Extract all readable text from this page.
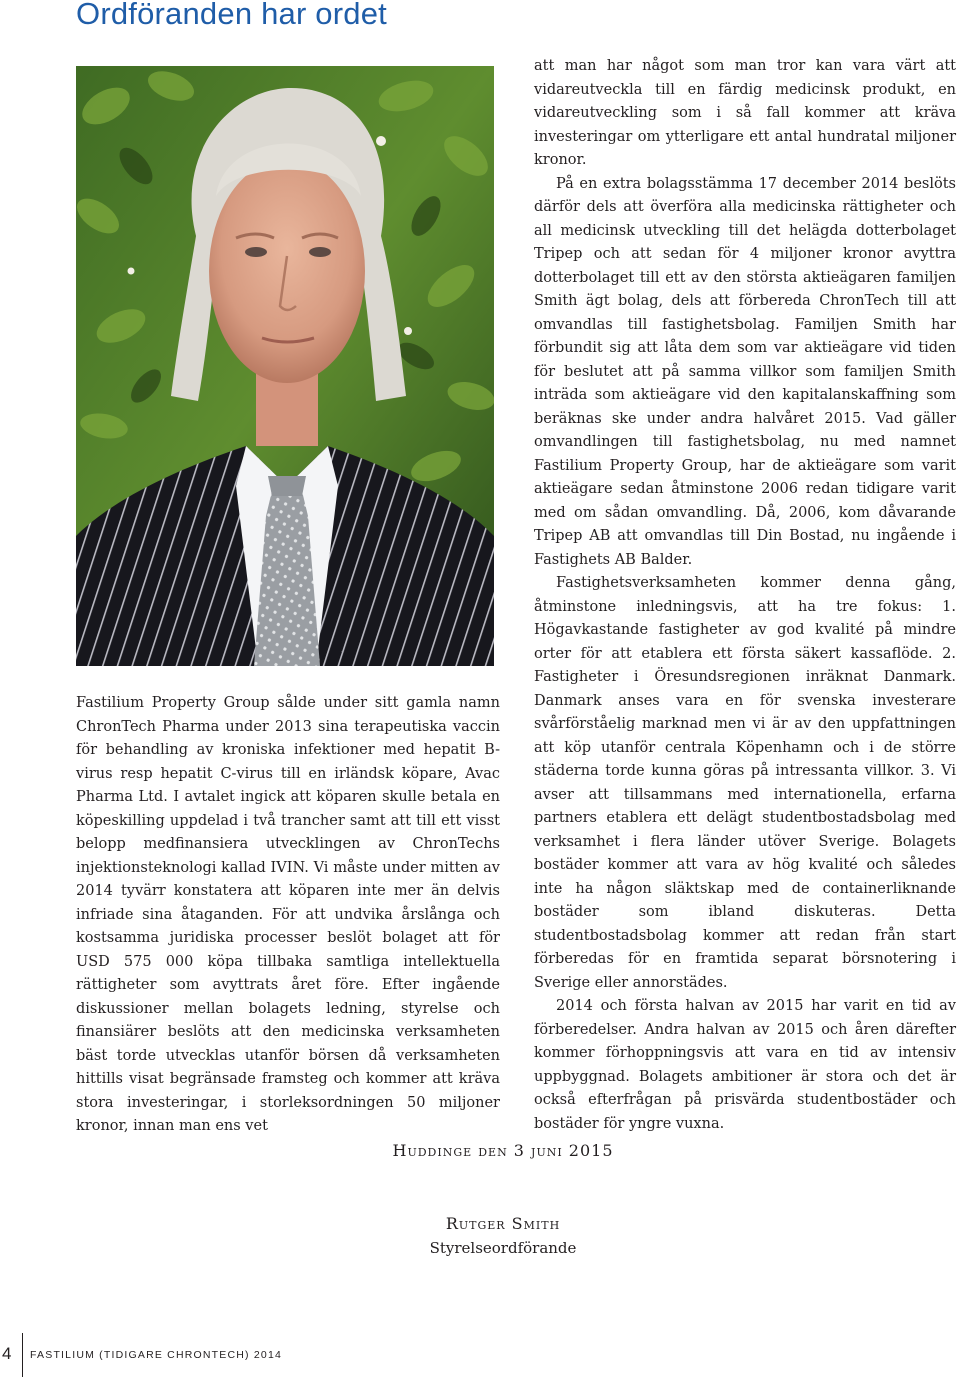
Ordföranden har ordet

Fastilium Property Group sålde under sitt gamla namn ChronTech Pharma under 2013 sina terapeutiska vaccin för behandling av kroniska infektioner med hepatit B-virus resp hepatit C-virus till en irländsk köpare, Avac Pharma Ltd. I avtalet ingick att köparen skulle betala en köpeskilling uppdelad i två trancher samt att till ett visst belopp medfinansiera utvecklingen av ChronTechs injektionsteknologi kallad IVIN. Vi måste under mitten av 2014 tyvärr konstatera att köparen inte mer än delvis infriade sina åtaganden. För att undvika årslånga och kostsamma juridiska processer beslöt bolaget att för USD 575 000 köpa tillbaka samtliga intellektuella rättigheter som avyttrats året före. Efter ingående diskussioner mellan bolagets ledning, styrelse och finansiärer beslöts att den medicinska verksamheten bäst torde utvecklas utanför börsen då verksamheten hittills visat begränsade framsteg och kommer att kräva stora investeringar, i storleksordningen 50 miljoner kronor, innan man ens vet

att man har något som man tror kan vara värt att vidareutveckla till en färdig medicinsk produkt, en vidareutveckling som i så fall kommer att kräva investeringar om ytterligare ett antal hundratal miljoner kronor.

På en extra bolagsstämma 17 december 2014 beslöts därför dels att överföra alla medicinska rättigheter och all medicinsk utveckling till det helägda dotterbolaget Tripep och att sedan för 4 miljoner kronor avyttra dotterbolaget till ett av den största aktieägaren familjen Smith ägt bolag, dels att förbereda ChronTech till att omvandlas till fastighetsbolag. Familjen Smith har förbundit sig att låta dem som var aktieägare vid tiden för beslutet att på samma villkor som familjen Smith inträda som aktieägare vid den kapitalanskaffning som beräknas ske under andra halvåret 2015. Vad gäller omvandlingen till fastighetsbolag, nu med namnet Fastilium Property Group, har de aktieägare som varit aktieägare sedan åtminstone 2006 redan tidigare varit med om sådan omvandling. Då, 2006, kom dåvarande Tripep AB att omvandlas till Din Bostad, nu ingående i Fastighets AB Balder.

Fastighetsverksamheten kommer denna gång, åtminstone inledningsvis, att ha tre fokus: 1. Högavkastande fastigheter av god kvalité på mindre orter för att etablera ett första säkert kassaflöde. 2. Fastigheter i Öresundsregionen inräknat Danmark. Danmark anses vara en för svenska investerare svårförståelig marknad men vi är av den uppfattningen att köp utanför centrala Köpenhamn och i de större städerna torde kunna göras på intressanta villkor. 3. Vi avser att tillsammans med internationella, erfarna partners etablera ett delägt studentbostadsbolag med verksamhet i flera länder utöver Sverige. Bolagets bostäder kommer att vara av hög kvalité och således inte ha någon släktskap med de containerliknande bostäder som ibland diskuteras. Detta studentbostadsbolag kommer att redan från start förberedas för en framtida separat börsnotering i Sverige eller annorstädes.

2014 och första halvan av 2015 har varit en tid av förberedelser. Andra halvan av 2015 och åren därefter kommer förhoppningsvis att vara en tid av intensiv uppbyggnad. Bolagets ambitioner är stora och det är också efterfrågan på prisvärda studentbostäder och bostäder för yngre vuxna.

Huddinge den 3 juni 2015
Rutger Smith
Styrelseordförande
4 FASTILIUM (TIDIGARE CHRONTECH) 2014
